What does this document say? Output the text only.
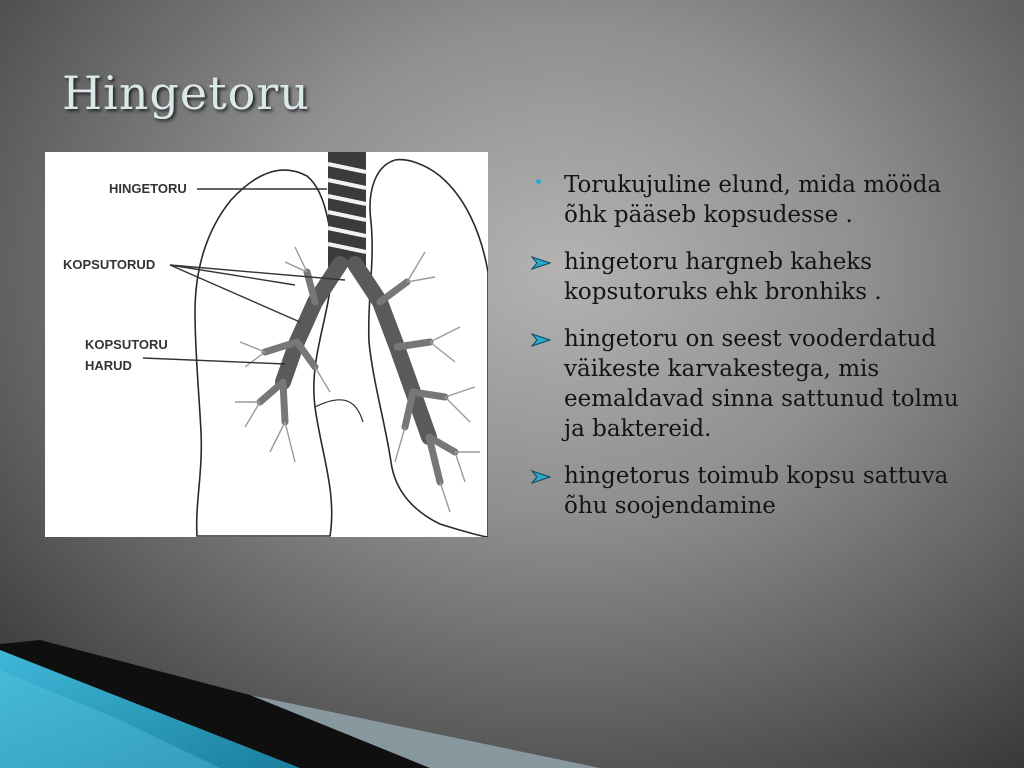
Hingetoru
HINGETORU
KOPSUTORUD
KOPSUTORU
HARUD
Torukujuline elund, mida mööda õhk pääseb kopsudesse .
hingetoru hargneb kaheks kopsutoruks ehk bronhiks .
hingetoru on seest vooderdatud väikeste karvakestega, mis eemaldavad sinna sattunud tolmu ja baktereid.
hingetorus toimub kopsu sattuva õhu soojendamine
